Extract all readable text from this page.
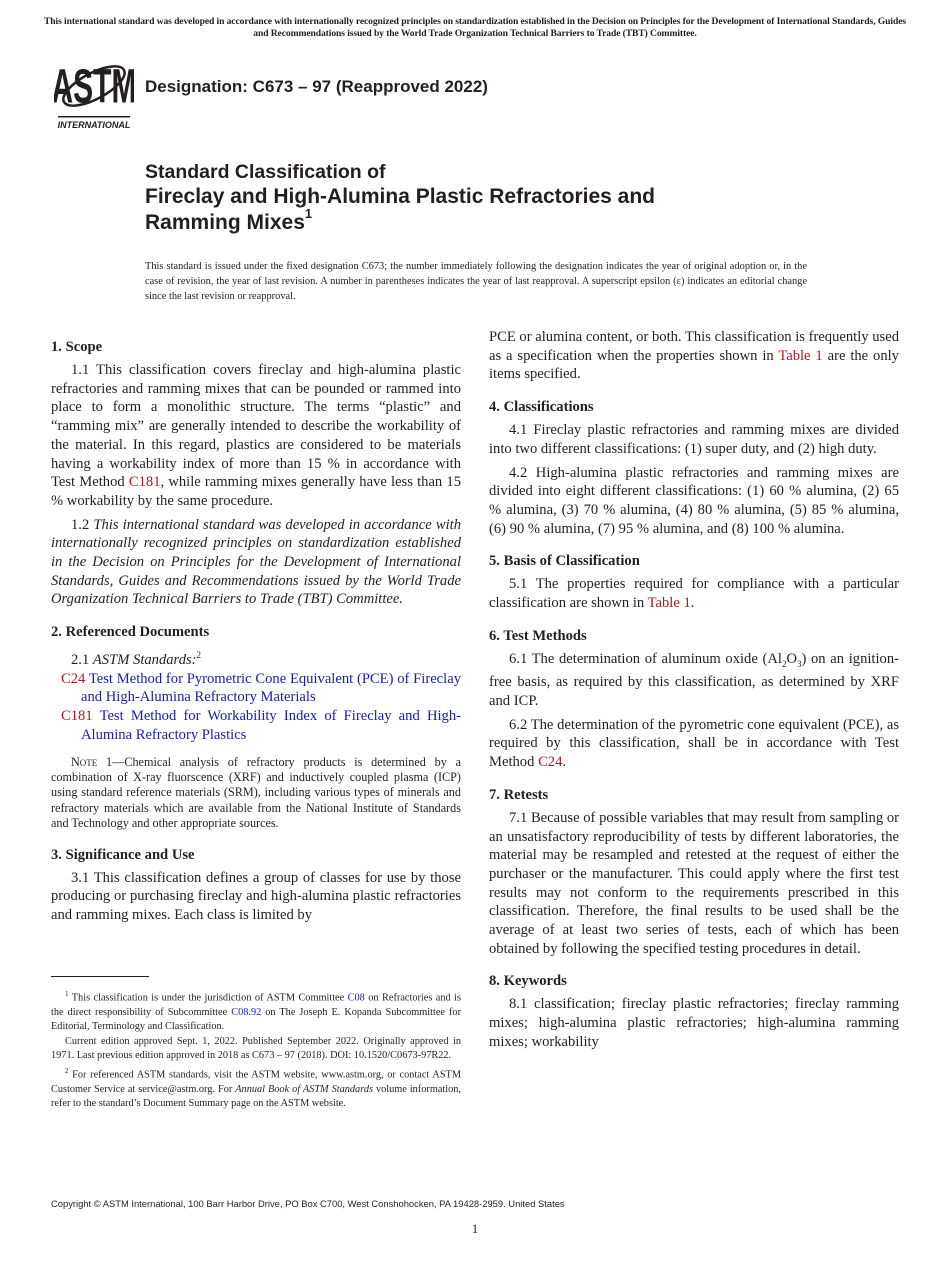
This international standard was developed in accordance with internationally recognized principles on standardization established in the Decision on Principles for the Development of International Standards, Guides and Recommendations issued by the World Trade Organization Technical Barriers to Trade (TBT) Committee.
ASTM
INTERNATIONAL
Designation: C673 – 97 (Reapproved 2022)
Standard Classification of
Fireclay and High-Alumina Plastic Refractories and
Ramming Mixes$^1$
This standard is issued under the fixed designation C673; the number immediately following the designation indicates the year of original adoption or, in the case of revision, the year of last revision. A number in parentheses indicates the year of last reapproval. A superscript epsilon (ε) indicates an editorial change since the last revision or reapproval.
1. Scope

1.1 This classification covers fireclay and high-alumina plastic refractories and ramming mixes that can be pounded or rammed into place to form a monolithic structure. The terms “plastic” and “ramming mix” are generally intended to describe the workability of the material. In this regard, plastics are considered to be materials having a workability index of more than 15 % in accordance with Test Method C181, while ramming mixes generally have less than 15 % workability by the same procedure.

1.2 This international standard was developed in accordance with internationally recognized principles on standardization established in the Decision on Principles for the Development of International Standards, Guides and Recommendations issued by the World Trade Organization Technical Barriers to Trade (TBT) Committee.

2. Referenced Documents

2.1 ASTM Standards:$^2$

C24 Test Method for Pyrometric Cone Equivalent (PCE) of Fireclay and High-Alumina Refractory Materials

C181 Test Method for Workability Index of Fireclay and High-Alumina Refractory Plastics

Note 1—Chemical analysis of refractory products is determined by a combination of X-ray fluorscence (XRF) and inductively coupled plasma (ICP) using standard reference materials (SRM), including various types of minerals and refractory materials which are available from the National Institute of Standards and Technology and other appropriate sources.

3. Significance and Use

3.1 This classification defines a group of classes for use by those producing or purchasing fireclay and high-alumina plastic refractories and ramming mixes. Each class is limited by

$^1$ This classification is under the jurisdiction of ASTM Committee C08 on Refractories and is the direct responsibility of Subcommittee C08.92 on The Joseph E. Kopanda Subcommittee for Editorial, Terminology and Classification.

Current edition approved Sept. 1, 2022. Published September 2022. Originally approved in 1971. Last previous edition approved in 2018 as C673 – 97 (2018). DOI: 10.1520/C0673-97R22.

$^2$ For referenced ASTM standards, visit the ASTM website, www.astm.org, or contact ASTM Customer Service at service@astm.org. For Annual Book of ASTM Standards volume information, refer to the standard’s Document Summary page on the ASTM website.

PCE or alumina content, or both. This classification is frequently used as a specification when the properties shown in Table 1 are the only items specified.

4. Classifications

4.1 Fireclay plastic refractories and ramming mixes are divided into two different classifications: (1) super duty, and (2) high duty.

4.2 High-alumina plastic refractories and ramming mixes are divided into eight different classifications: (1) 60 % alumina, (2) 65 % alumina, (3) 70 % alumina, (4) 80 % alumina, (5) 85 % alumina, (6) 90 % alumina, (7) 95 % alumina, and (8) 100 % alumina.

5. Basis of Classification

5.1 The properties required for compliance with a particular classification are shown in Table 1.

6. Test Methods

6.1 The determination of aluminum oxide $(Al_2O_3)$ on an ignition-free basis, as required by this classification, as determined by XRF and ICP.

6.2 The determination of the pyrometric cone equivalent (PCE), as required by this classification, shall be in accordance with Test Method C24.

7. Retests

7.1 Because of possible variables that may result from sampling or an unsatisfactory reproducibility of tests by different laboratories, the material may be resampled and retested at the request of either the purchaser or the manufacturer. This could apply where the first test results may not conform to the requirements prescribed in this classification. Therefore, the final results to be used shall be the average of at least two series of tests, each of which has been obtained by following the specified testing procedures in detail.

8. Keywords

8.1 classification; fireclay plastic refractories; fireclay ramming mixes; high-alumina plastic refractories; high-alumina ramming mixes; workability

Copyright © ASTM International, 100 Barr Harbor Drive, PO Box C700, West Conshohocken, PA 19428-2959. United States
1
